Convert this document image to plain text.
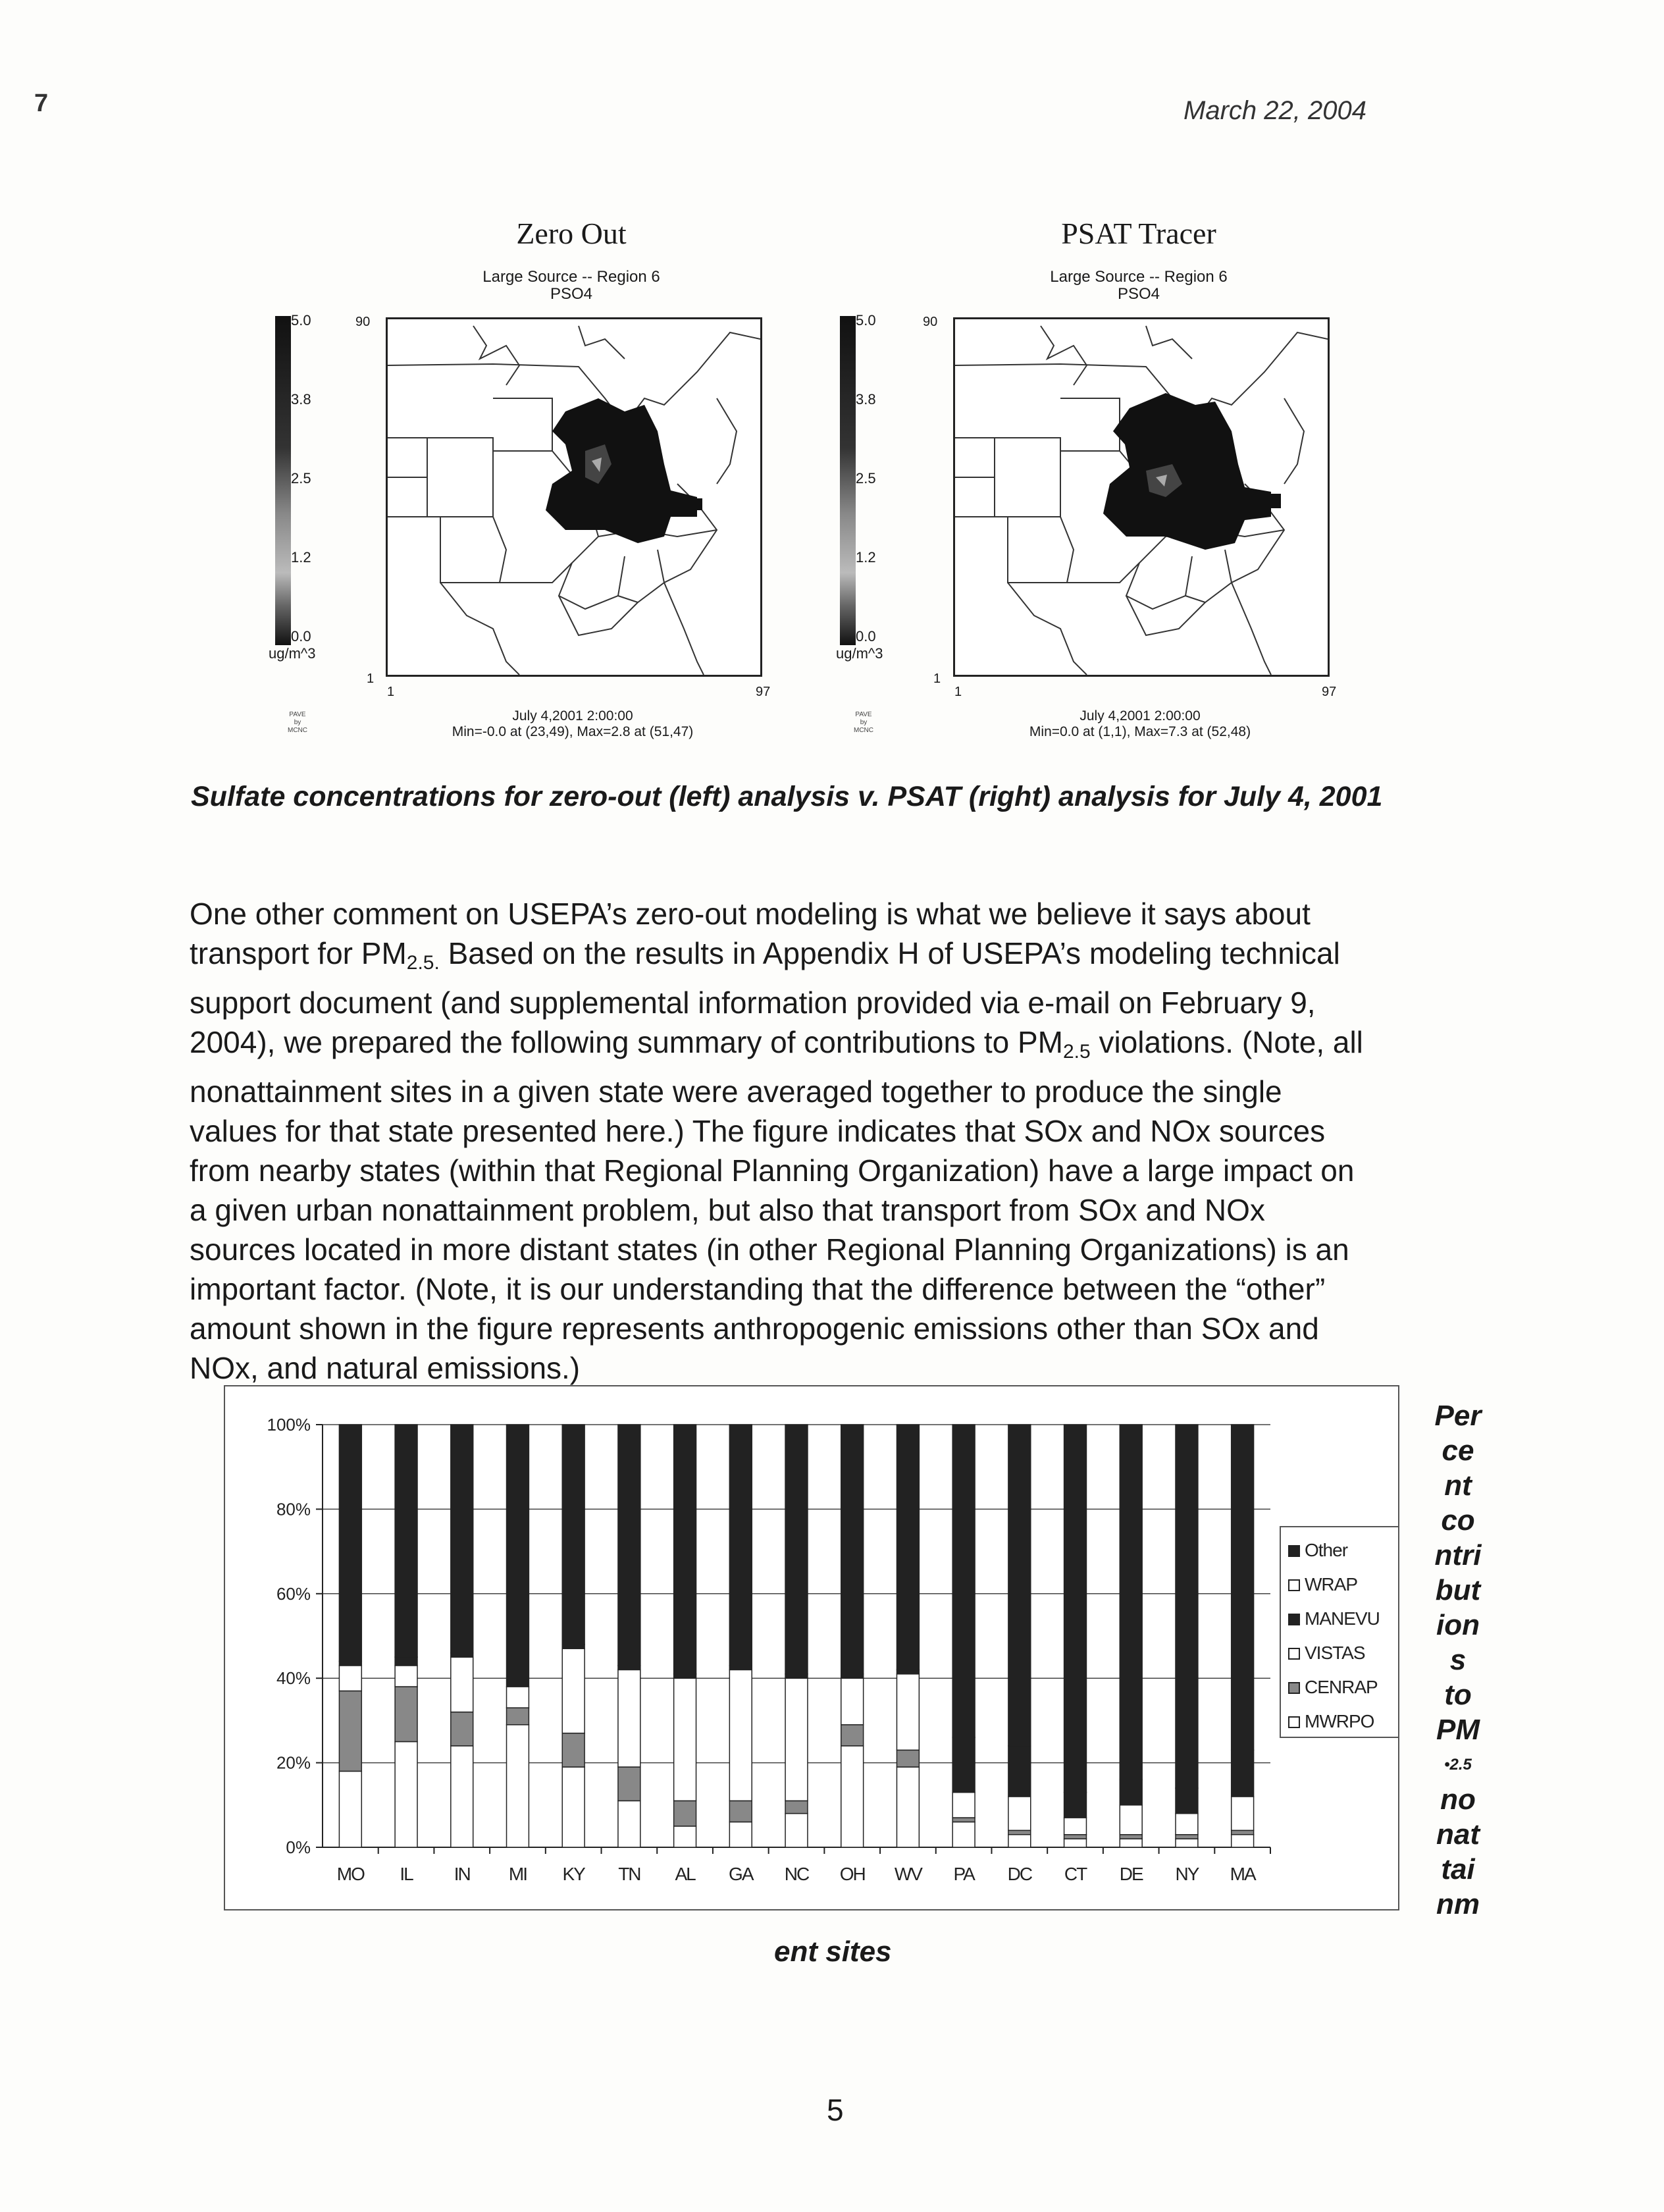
7	March 22, 2004
Zero Out
Large Source -- Region 6
PSO4
5.0
3.8
2.5
1.2
0.0
ug/m^3
90
1
1	97
July 4,2001 2:00:00
Min=-0.0 at (23,49), Max=2.8 at (51,47)
PAVE
by
MCNC
PSAT Tracer
Large Source -- Region 6
PSO4
5.0
3.8
2.5
1.2
0.0
ug/m^3
90
1
1	97
July 4,2001 2:00:00
Min=0.0 at (1,1), Max=7.3 at (52,48)
PAVE
by
MCNC
Sulfate concentrations for zero-out (left) analysis v. PSAT (right) analysis for July 4, 2001
One other comment on USEPA’s zero-out modeling is what we believe it says about
transport for $PM_{2.5.}$ Based on the results in Appendix H of USEPA’s modeling technical
support document (and supplemental information provided via e-mail on February 9,
2004), we prepared the following summary of contributions to $PM_{2.5}$ violations. (Note, all
nonattainment sites in a given state were averaged together to produce the single
values for that state presented here.) The figure indicates that SOx and NOx sources
from nearby states (within that Regional Planning Organization) have a large impact on
a given urban nonattainment problem, but also that transport from SOx and NOx
sources located in more distant states (in other Regional Planning Organizations) is an
important factor. (Note, it is our understanding that the difference between the “other”
amount shown in the figure represents anthropogenic emissions other than SOx and
NOx, and natural emissions.)
0%
20%
40%
60%
80%
100%
MO IL IN MI KY TN AL GA NC OH WV PA DC CT DE NY MA
Other
WRAP
MANEVU
VISTAS
CENRAP
MWRPO
Per
ce
nt
co
ntri
but
ion
s
to
PM
•2.5
no
nat
tai
nm
ent sites
5
